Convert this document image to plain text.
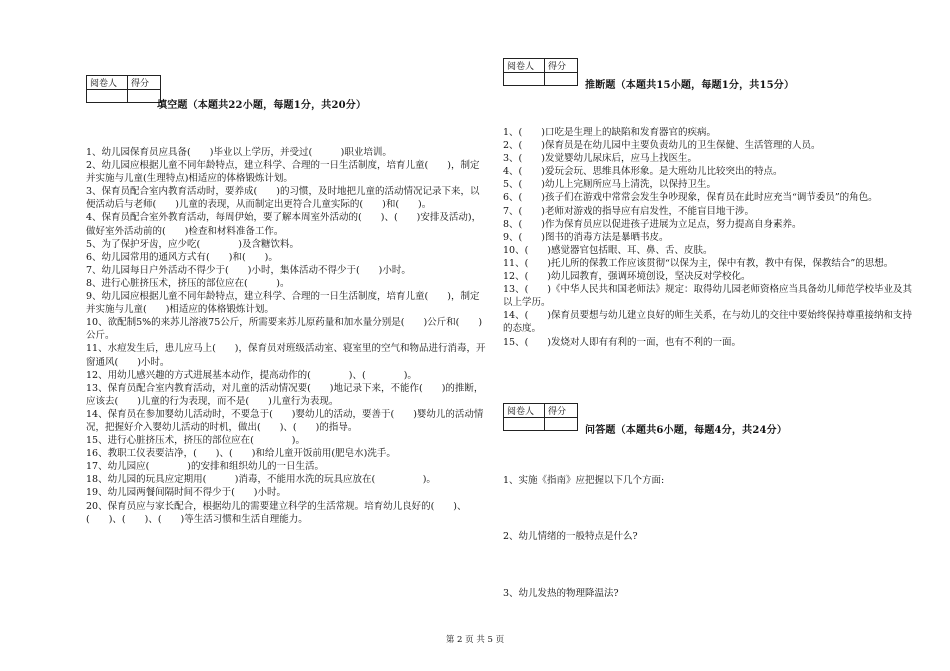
阅卷人	得分

填空题（本题共22小题，每题1分，共20分）

1、幼儿园保育员应具备(　　)毕业以上学历，并受过(　　　)职业培训。

2、幼儿园应根据儿童不同年龄特点，建立科学、合理的一日生活制度，培育儿童(　　)，制定并实施与儿童(生理特点)相适应的体格锻炼计划。

3、保育员配合室内教育活动时，要养成(　　)的习惯，及时地把儿童的活动情况记录下来，以便活动后与老师(　　)儿童的表现，从而制定出更符合儿童实际的(　　)和(　　)。

4、保育员配合室外教育活动，每周伊始，要了解本周室外活动的(　　)、(　　)安排及活动)，做好室外活动前的(　　)检查和材料准备工作。

5、为了保护牙齿，应少吃(　　　　)及含糖饮料。

6、幼儿园常用的通风方式有(　　)和(　　)。

7、幼儿园每日户外活动不得少于(　　)小时，集体活动不得少于(　　)小时。

8、进行心脏挤压术，挤压的部位应在(　　　)。

9、幼儿园应根据儿童不同年龄特点，建立科学、合理的一日生活制度，培育儿童(　　)，制定并实施与儿童(　　)相适应的体格锻炼计划。

10、欲配制5%的来苏儿溶液75公斤，所需要来苏儿原药量和加水量分别是(　　)公斤和(　　)公斤。

11、水痘发生后，患儿应马上(　　)，保育员对班级活动室、寝室里的空气和物品进行消毒，开窗通风(　　)小时。

12、用幼儿感兴趣的方式进展基本动作，提高动作的(　　　　)、(　　　　)。

13、保育员配合室内教育活动，对儿童的活动情况要(　　)地记录下来，不能作(　　)的推断，应该去(　　)儿童的行为表现，而不是(　　)儿童行为表现。

14、保育员在参加婴幼儿活动时，不要急于(　　)婴幼儿的活动，要善于(　　)婴幼儿的活动情况，把握好介入婴幼儿活动的时机，做出(　　)、(　　)的指导。

15、进行心脏挤压术，挤压的部位应在(　　　　)。

16、教职工仪表要洁净，(　　)、(　　)和给儿童开饭前用(肥皂水)洗手。

17、幼儿园应(　　　　)的安排和组织幼儿的一日生活。

18、幼儿园的玩具应定期用(　　　)消毒，不能用水洗的玩具应放在(　　　　　)。

19、幼儿园两餐间隔时间不得少于(　　)小时。

20、保育员应与家长配合，根据幼儿的需要建立科学的生活常规。培育幼儿良好的(　　)、(　　)、(　　)、(　　)等生活习惯和生活自理能力。

阅卷人	得分

推断题（本题共15小题，每题1分，共15分）

1、(　　)口吃是生理上的缺陷和发育器官的疾病。

2、(　　)保育员是在幼儿园中主要负责幼儿的卫生保健、生活管理的人员。

3、(　　)发觉婴幼儿尿床后，应马上找医生。

4、(　　)爱玩会玩、思维具体形象。是大班幼儿比较突出的特点。

5、(　　)幼儿上完厕所应马上清洗，以保持卫生。

6、(　　)孩子们在游戏中常常会发生争吵现象，保育员在此时应充当“调节委员”的角色。

7、(　　)老师对游戏的指导应有启发性，不能盲目地干涉。

8、(　　)作为保育员应以促进孩子进展为立足点，努力提高自身素养。

9、(　　)图书的消毒方法是暴晒书皮。

10、(　　)感觉器官包括眼、耳、鼻、舌、皮肤。

11、(　　)托儿所的保教工作应该贯彻“以保为主，保中有教，教中有保，保教结合”的思想。

12、(　　)幼儿园教育，强调环境创设，坚决反对学校化。

13、(　　)《中华人民共和国老师法》规定：取得幼儿园老师资格应当具备幼儿师范学校毕业及其以上学历。

14、(　　)保育员要想与幼儿建立良好的师生关系，在与幼儿的交往中要始终保持尊重接纳和支持的态度。

15、(　　)发烧对人即有有利的一面，也有不利的一面。

阅卷人	得分

问答题（本题共6小题，每题4分，共24分）
1、实施《指南》应把握以下几个方面:
2、幼儿情绪的一般特点是什么?
3、幼儿发热的物理降温法?
第 2 页 共 5 页
